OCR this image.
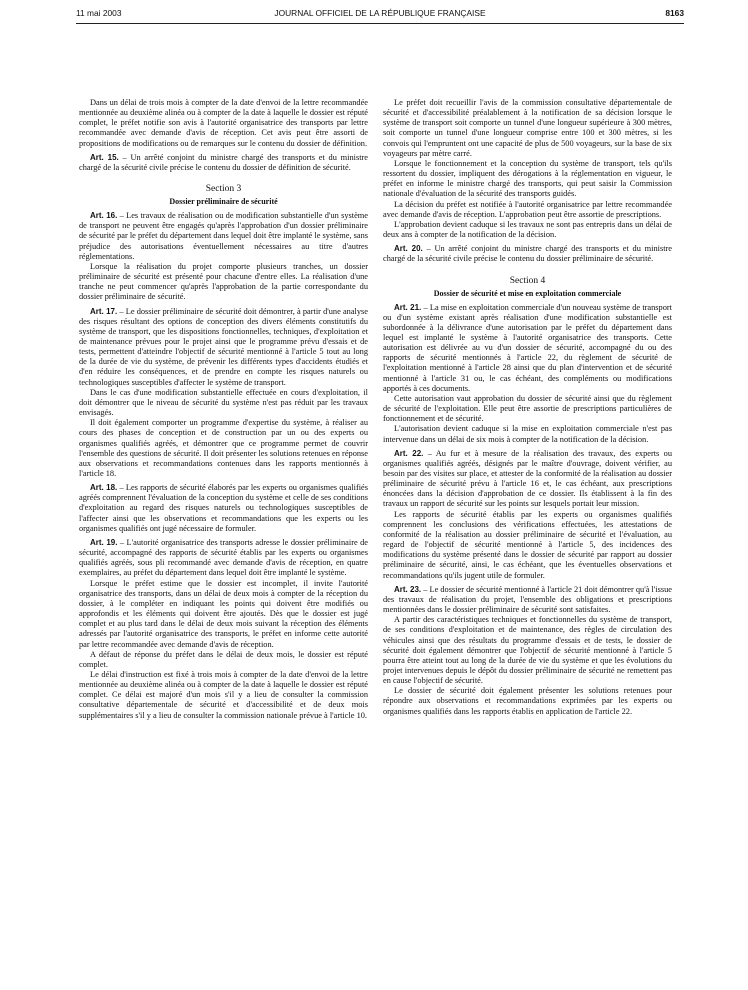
11 mai 2003	JOURNAL OFFICIEL DE LA RÉPUBLIQUE FRANÇAISE	8163

Dans un délai de trois mois à compter de la date d'envoi de la lettre recommandée mentionnée au deuxième alinéa ou à compter de la date à laquelle le dossier est réputé complet, le préfet notifie son avis à l'autorité organisatrice des transports par lettre recommandée avec demande d'avis de réception. Cet avis peut être assorti de propositions de modifications ou de remarques sur le contenu du dossier de définition.

Art. 15. – Un arrêté conjoint du ministre chargé des transports et du ministre chargé de la sécurité civile précise le contenu du dossier de définition de sécurité.

Section 3
Dossier préliminaire de sécurité

Art. 16. – Les travaux de réalisation ou de modification substantielle d'un système de transport ne peuvent être engagés qu'après l'approbation d'un dossier préliminaire de sécurité par le préfet du département dans lequel doit être implanté le système, sans préjudice des autorisations éventuellement nécessaires au titre d'autres réglementations.

Lorsque la réalisation du projet comporte plusieurs tranches, un dossier préliminaire de sécurité est présenté pour chacune d'entre elles. La réalisation d'une tranche ne peut commencer qu'après l'approbation de la partie correspondante du dossier préliminaire de sécurité.

Art. 17. – Le dossier préliminaire de sécurité doit démontrer, à partir d'une analyse des risques résultant des options de conception des divers éléments constitutifs du système de transport, que les dispositions fonctionnelles, techniques, d'exploitation et de maintenance prévues pour le projet ainsi que le programme prévu d'essais et de tests, permettent d'atteindre l'objectif de sécurité mentionné à l'article 5 tout au long de la durée de vie du système, de prévenir les différents types d'accidents étudiés et d'en réduire les conséquences, et de prendre en compte les risques naturels ou technologiques susceptibles d'affecter le système de transport.

Dans le cas d'une modification substantielle effectuée en cours d'exploitation, il doit démontrer que le niveau de sécurité du système n'est pas réduit par les travaux envisagés.

Il doit également comporter un programme d'expertise du système, à réaliser au cours des phases de conception et de construction par un ou des experts ou organismes qualifiés agréés, et démontrer que ce programme permet de couvrir l'ensemble des questions de sécurité. Il doit présenter les solutions retenues en réponse aux observations et recommandations contenues dans les rapports mentionnés à l'article 18.

Art. 18. – Les rapports de sécurité élaborés par les experts ou organismes qualifiés agréés comprennent l'évaluation de la conception du système et celle de ses conditions d'exploitation au regard des risques naturels ou technologiques susceptibles de l'affecter ainsi que les observations et recommandations que les experts ou les organismes qualifiés ont jugé nécessaire de formuler.

Art. 19. – L'autorité organisatrice des transports adresse le dossier préliminaire de sécurité, accompagné des rapports de sécurité établis par les experts ou organismes qualifiés agréés, sous pli recommandé avec demande d'avis de réception, en quatre exemplaires, au préfet du département dans lequel doit être implanté le système.

Lorsque le préfet estime que le dossier est incomplet, il invite l'autorité organisatrice des transports, dans un délai de deux mois à compter de la réception du dossier, à le compléter en indiquant les points qui doivent être modifiés ou approfondis et les éléments qui doivent être ajoutés. Dès que le dossier est jugé complet et au plus tard dans le délai de deux mois suivant la réception des éléments adressés par l'autorité organisatrice des transports, le préfet en informe cette autorité par lettre recommandée avec demande d'avis de réception.

A défaut de réponse du préfet dans le délai de deux mois, le dossier est réputé complet.

Le délai d'instruction est fixé à trois mois à compter de la date d'envoi de la lettre mentionnée au deuxième alinéa ou à compter de la date à laquelle le dossier est réputé complet. Ce délai est majoré d'un mois s'il y a lieu de consulter la commission consultative départementale de sécurité et d'accessibilité et de deux mois supplémentaires s'il y a lieu de consulter la commission nationale prévue à l'article 10.

Le préfet doit recueillir l'avis de la commission consultative départementale de sécurité et d'accessibilité préalablement à la notification de sa décision lorsque le système de transport soit comporte un tunnel d'une longueur supérieure à 300 mètres, soit comporte un tunnel d'une longueur comprise entre 100 et 300 mètres, si les convois qui l'empruntent ont une capacité de plus de 500 voyageurs, sur la base de six voyageurs par mètre carré.

Lorsque le fonctionnement et la conception du système de transport, tels qu'ils ressortent du dossier, impliquent des dérogations à la réglementation en vigueur, le préfet en informe le ministre chargé des transports, qui peut saisir la Commission nationale d'évaluation de la sécurité des transports guidés.

La décision du préfet est notifiée à l'autorité organisatrice par lettre recommandée avec demande d'avis de réception. L'approbation peut être assortie de prescriptions.

L'approbation devient caduque si les travaux ne sont pas entrepris dans un délai de deux ans à compter de la notification de la décision.

Art. 20. – Un arrêté conjoint du ministre chargé des transports et du ministre chargé de la sécurité civile précise le contenu du dossier préliminaire de sécurité.

Section 4
Dossier de sécurité et mise en exploitation commerciale

Art. 21. – La mise en exploitation commerciale d'un nouveau système de transport ou d'un système existant après réalisation d'une modification substantielle est subordonnée à la délivrance d'une autorisation par le préfet du département dans lequel est implanté le système à l'autorité organisatrice des transports. Cette autorisation est délivrée au vu d'un dossier de sécurité, accompagné du ou des rapports de sécurité mentionnés à l'article 22, du règlement de sécurité de l'exploitation mentionné à l'article 28 ainsi que du plan d'intervention et de sécurité mentionné à l'article 31 ou, le cas échéant, des compléments ou modifications apportés à ces documents.

Cette autorisation vaut approbation du dossier de sécurité ainsi que du règlement de sécurité de l'exploitation. Elle peut être assortie de prescriptions particulières de fonctionnement et de sécurité.

L'autorisation devient caduque si la mise en exploitation commerciale n'est pas intervenue dans un délai de six mois à compter de la notification de la décision.

Art. 22. – Au fur et à mesure de la réalisation des travaux, des experts ou organismes qualifiés agréés, désignés par le maître d'ouvrage, doivent vérifier, au besoin par des visites sur place, et attester de la conformité de la réalisation au dossier préliminaire de sécurité prévu à l'article 16 et, le cas échéant, aux prescriptions énoncées dans la décision d'approbation de ce dossier. Ils établissent à la fin des travaux un rapport de sécurité sur les points sur lesquels portait leur mission.

Les rapports de sécurité établis par les experts ou organismes qualifiés comprennent les conclusions des vérifications effectuées, les attestations de conformité de la réalisation au dossier préliminaire de sécurité et l'évaluation, au regard de l'objectif de sécurité mentionné à l'article 5, des incidences des modifications du système présenté dans le dossier de sécurité par rapport au dossier préliminaire de sécurité, ainsi, le cas échéant, que les éventuelles observations et recommandations qu'ils jugent utile de formuler.

Art. 23. – Le dossier de sécurité mentionné à l'article 21 doit démontrer qu'à l'issue des travaux de réalisation du projet, l'ensemble des obligations et prescriptions mentionnées dans le dossier préliminaire de sécurité sont satisfaites.

A partir des caractéristiques techniques et fonctionnelles du système de transport, de ses conditions d'exploitation et de maintenance, des règles de circulation des véhicules ainsi que des résultats du programme d'essais et de tests, le dossier de sécurité doit également démontrer que l'objectif de sécurité mentionné à l'article 5 pourra être atteint tout au long de la durée de vie du système et que les évolutions du projet intervenues depuis le dépôt du dossier préliminaire de sécurité ne remettent pas en cause l'objectif de sécurité.

Le dossier de sécurité doit également présenter les solutions retenues pour répondre aux observations et recommandations exprimées par les experts ou organismes qualifiés dans les rapports établis en application de l'article 22.
